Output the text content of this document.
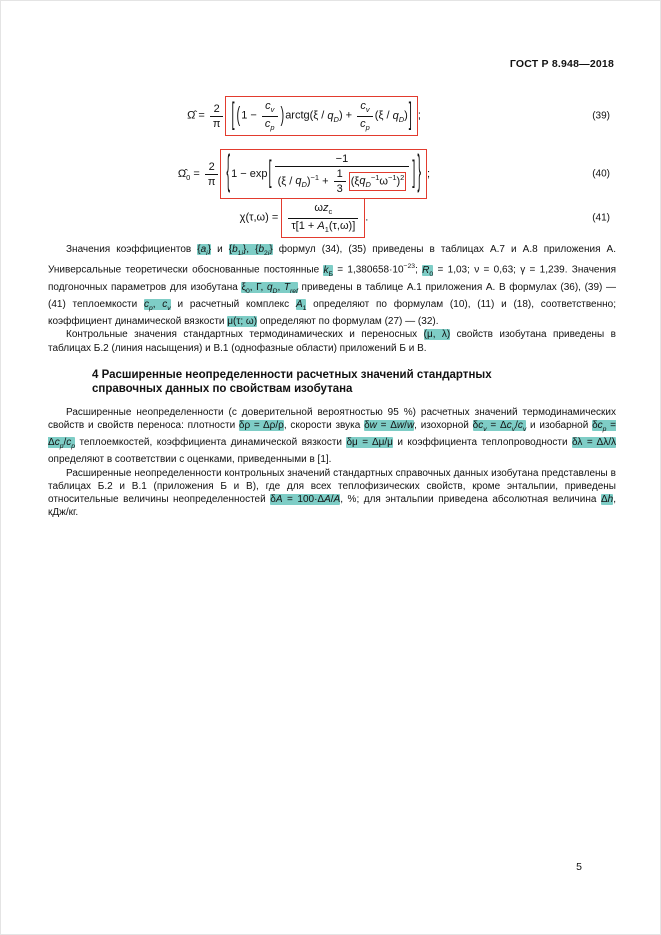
ГОСТ Р 8.948—2018
Ω̂ = $\frac{2}{\pi}$ [ ($1 - \frac{c_v}{c_p}$ )arctg(ξ / $q_D) + \frac{c_v}{c_p} (\xi / q_D)$] ;	(39)
$\Omegâ_0 = \frac{2}{\pi} \{1 - \exp[ \frac{-1}{(\xi / q_D)^{-1} + \frac{1}{3} (\xi q_D^{-1}\omega^{-1})^2}$ ] } ;	(40)
$\chi(\tau,\omega) = \frac{\omega z_c}{\tau[1 + A_1(\tau,\omega)]}$ .	(41)

Значения коэффициентов $\{a_i\}$ и $\{b_{1i}\}$, $\{b_{2i}\}$ формул (34), (35) приведены в таблицах А.7 и А.8 приложения А. Универсальные теоретически обоснованные постоянные $k_Б = 1,380658\cdot 10^{-23}$; $R_0 = 1,03$; ν = 0,63; γ = 1,239. Значения подгоночных параметров для изобутана $\xi_0$, Γ, $q_D$, $T_{ref}$ приведены в таблице А.1 приложения А. В формулах (36), (39) — (41) теплоемкости $c_p$, $c_v$ и расчетный комплекс $A_1$ определяют по формулам (10), (11) и (18), соответственно; коэффициент динамической вязкости μ(τ; ω) определяют по формулам (27) — (32).

Контрольные значения стандартных термодинамических и переносных (μ, λ) свойств изобутана приведены в таблицах Б.2 (линия насыщения) и В.1 (однофазные области) приложений Б и В.

4 Расширенные неопределенности расчетных значений стандартных справочных данных по свойствам изобутана

Расширенные неопределенности (с доверительной вероятностью 95 %) расчетных значений термодинамических свойств и свойств переноса: плотности δρ = Δρ/ρ, скорости звука δw = Δw/w, изохорной $\delta c_v = \Delta c_v/c_v$ и изобарной $\delta c_p = \Delta c_p/c_p$ теплоемкостей, коэффициента динамической вязкости δμ = Δμ/μ и коэффициента теплопроводности δλ = Δλ/λ определяют в соответствии с оценками, приведенными в [1].

Расширенные неопределенности контрольных значений стандартных справочных данных изобутана представлены в таблицах Б.2 и В.1 (приложения Б и В), где для всех теплофизических свойств, кроме энтальпии, приведены относительные величины неопределенностей δA = 100·ΔA/A, %; для энтальпии приведена абсолютная величина Δh, кДж/кг.

5
